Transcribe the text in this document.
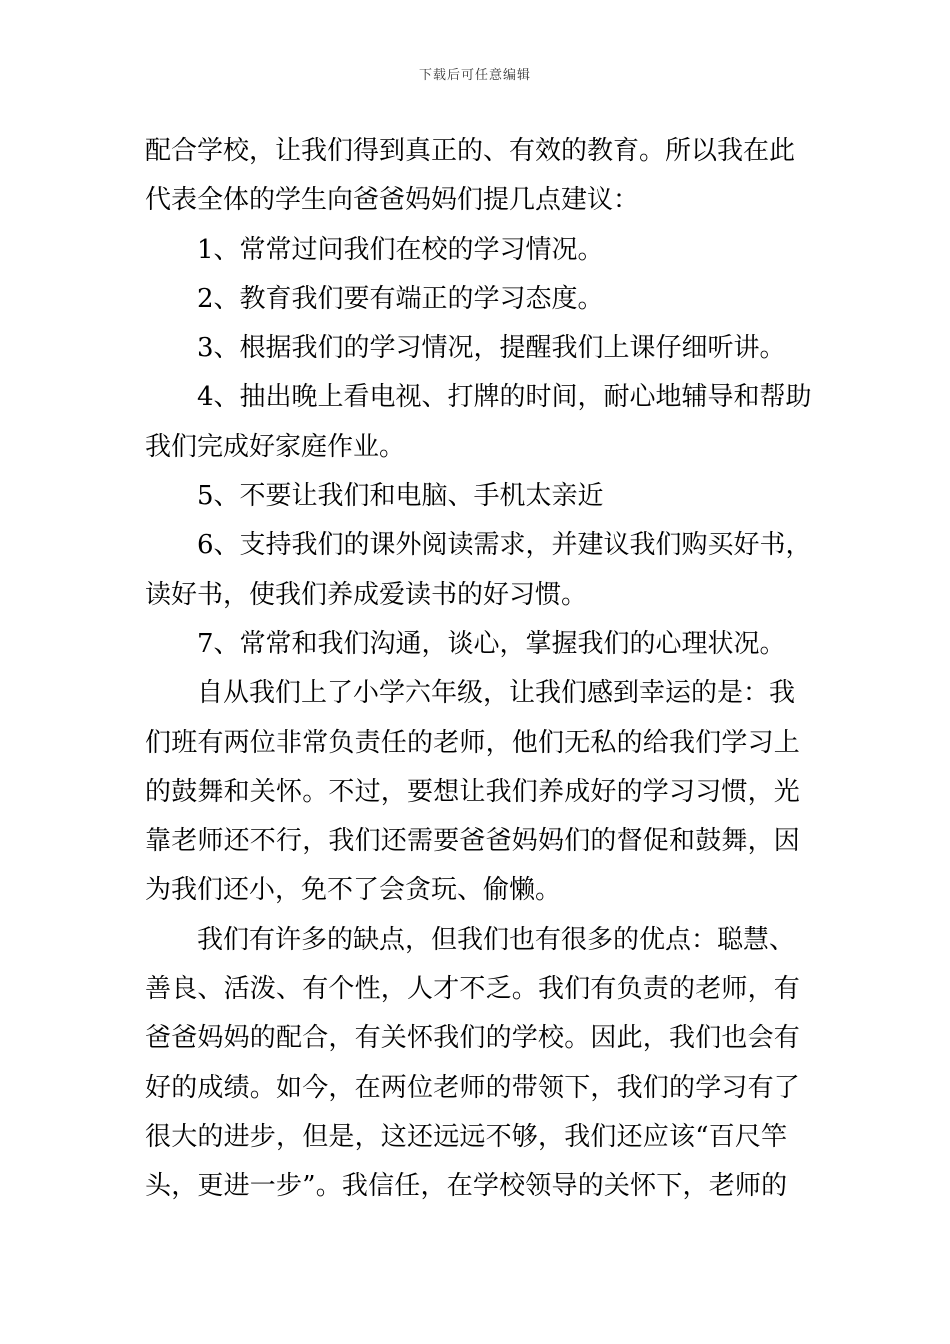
下载后可任意编辑
配合学校，让我们得到真正的、有效的教育。所以我在此
代表全体的学生向爸爸妈妈们提几点建议：
1、常常过问我们在校的学习情况。
2、教育我们要有端正的学习态度。
3、根据我们的学习情况，提醒我们上课仔细听讲。
4、抽出晚上看电视、打牌的时间，耐心地辅导和帮助
我们完成好家庭作业。
5、不要让我们和电脑、手机太亲近
6、支持我们的课外阅读需求，并建议我们购买好书，
读好书，使我们养成爱读书的好习惯。
7、常常和我们沟通，谈心，掌握我们的心理状况。
自从我们上了小学六年级，让我们感到幸运的是：我
们班有两位非常负责任的老师，他们无私的给我们学习上
的鼓舞和关怀。不过，要想让我们养成好的学习习惯，光
靠老师还不行，我们还需要爸爸妈妈们的督促和鼓舞，因
为我们还小，免不了会贪玩、偷懒。
我们有许多的缺点，但我们也有很多的优点：聪慧、
善良、活泼、有个性，人才不乏。我们有负责的老师，有
爸爸妈妈的配合，有关怀我们的学校。因此，我们也会有
好的成绩。如今，在两位老师的带领下，我们的学习有了
很大的进步，但是，这还远远不够，我们还应该“百尺竿
头，更进一步”。我信任，在学校领导的关怀下，老师的
